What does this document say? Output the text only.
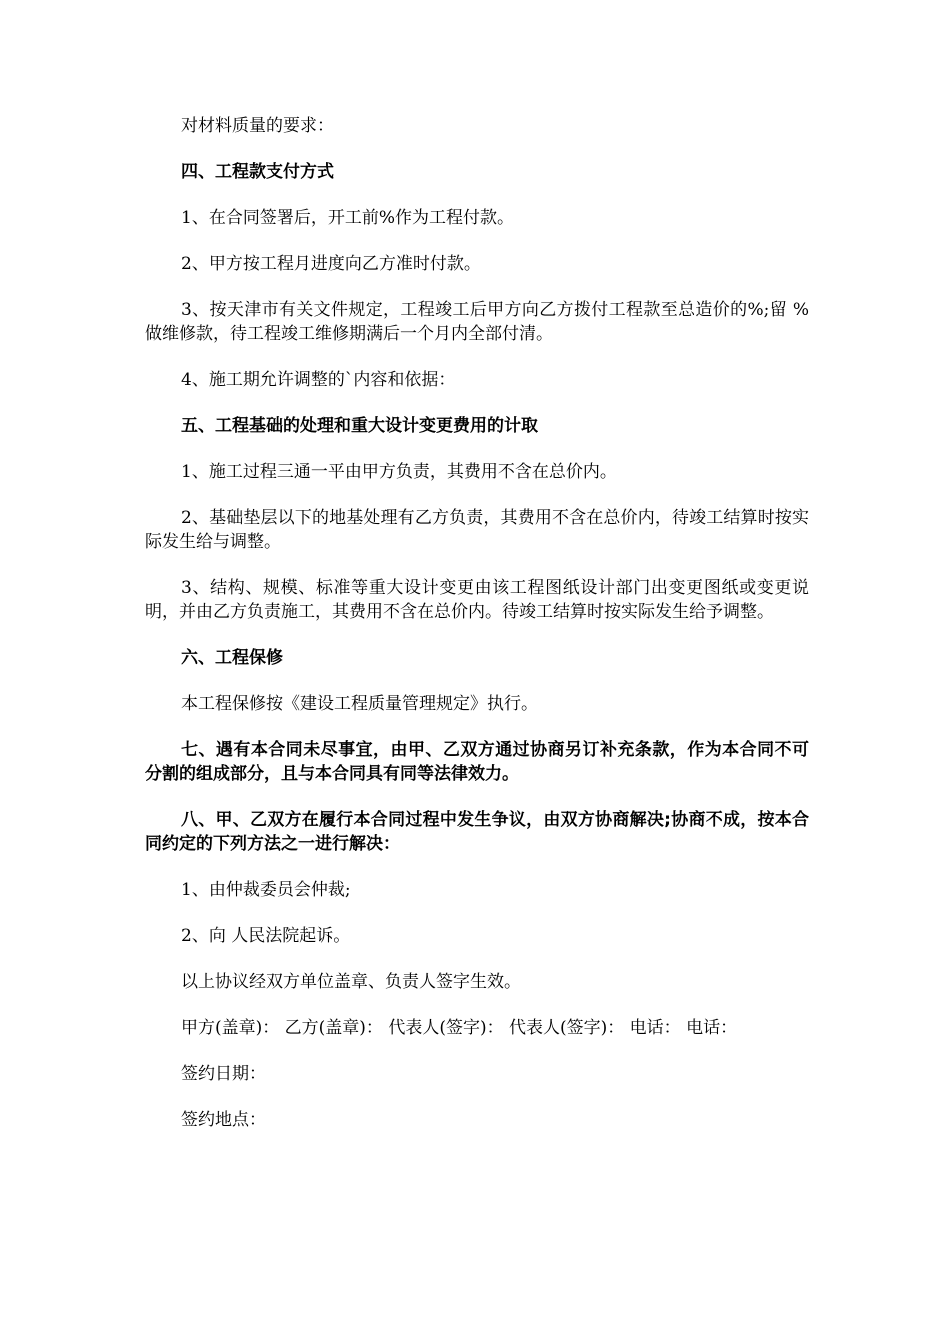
对材料质量的要求：

四、工程款支付方式

1、在合同签署后，开工前%作为工程付款。

2、甲方按工程月进度向乙方准时付款。

3、按天津市有关文件规定，工程竣工后甲方向乙方拨付工程款至总造价的%;留 %做维修款，待工程竣工维修期满后一个月内全部付清。

4、施工期允许调整的`内容和依据：

五、工程基础的处理和重大设计变更费用的计取

1、施工过程三通一平由甲方负责，其费用不含在总价内。

2、基础垫层以下的地基处理有乙方负责，其费用不含在总价内，待竣工结算时按实际发生给与调整。

3、结构、规模、标准等重大设计变更由该工程图纸设计部门出变更图纸或变更说明，并由乙方负责施工，其费用不含在总价内。待竣工结算时按实际发生给予调整。

六、工程保修

本工程保修按《建设工程质量管理规定》执行。

七、遇有本合同未尽事宜，由甲、乙双方通过协商另订补充条款，作为本合同不可分割的组成部分，且与本合同具有同等法律效力。

八、甲、乙双方在履行本合同过程中发生争议，由双方协商解决;协商不成，按本合同约定的下列方法之一进行解决：

1、由仲裁委员会仲裁;

2、向 人民法院起诉。

以上协议经双方单位盖章、负责人签字生效。

甲方(盖章)： 乙方(盖章)： 代表人(签字)： 代表人(签字)： 电话： 电话：

签约日期：

签约地点：
